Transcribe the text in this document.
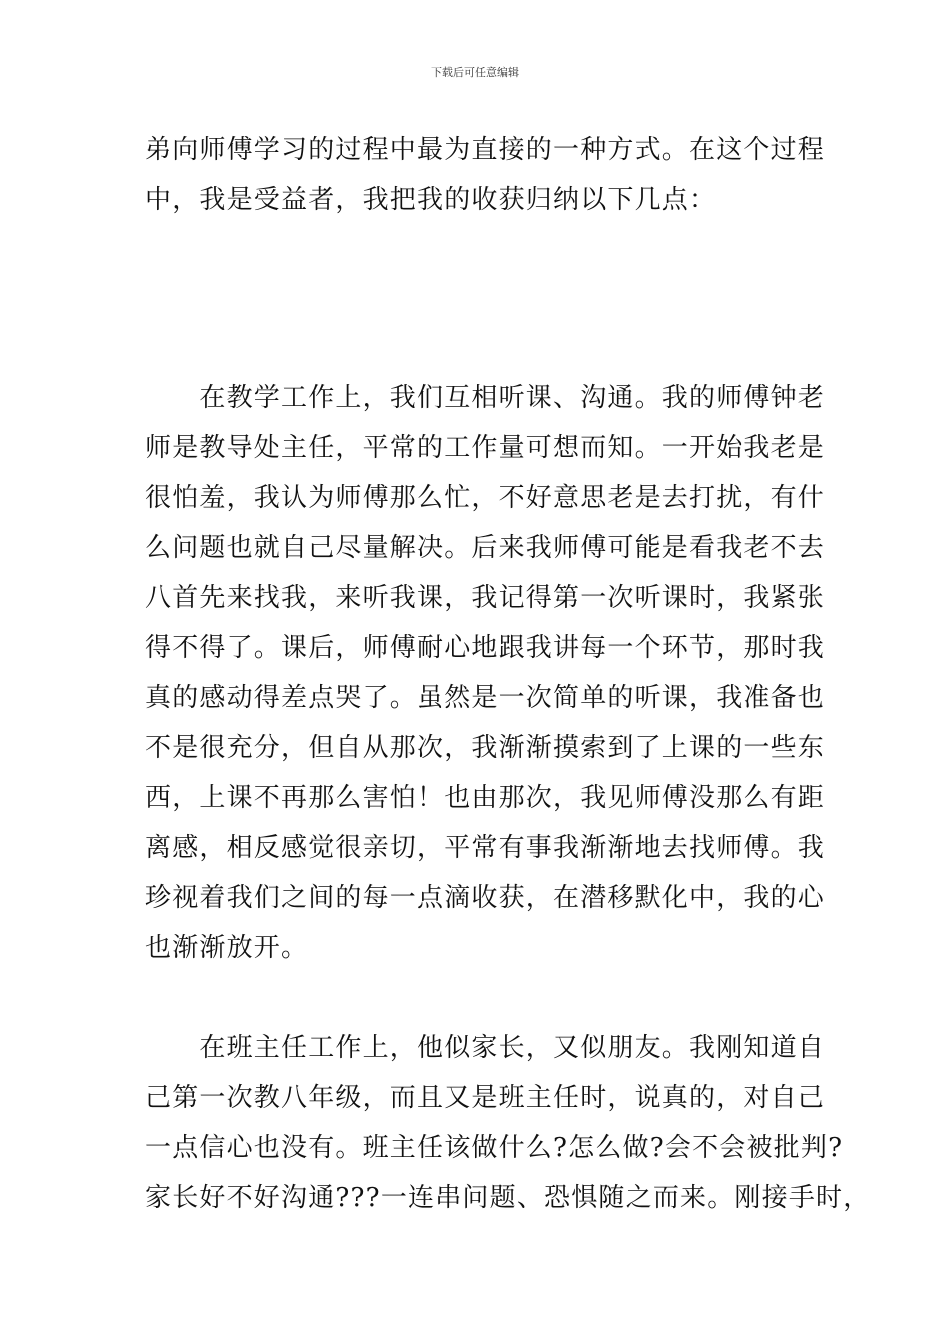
下载后可任意编辑
弟向师傅学习的过程中最为直接的一种方式。在这个过程
中，我是受益者，我把我的收获归纳以下几点：
　　在教学工作上，我们互相听课、沟通。我的师傅钟老
师是教导处主任，平常的工作量可想而知。一开始我老是
很怕羞，我认为师傅那么忙，不好意思老是去打扰，有什
么问题也就自己尽量解决。后来我师傅可能是看我老不去
八首先来找我，来听我课，我记得第一次听课时，我紧张
得不得了。课后，师傅耐心地跟我讲每一个环节，那时我
真的感动得差点哭了。虽然是一次简单的听课，我准备也
不是很充分，但自从那次，我渐渐摸索到了上课的一些东
西，上课不再那么害怕！也由那次，我见师傅没那么有距
离感，相反感觉很亲切，平常有事我渐渐地去找师傅。我
珍视着我们之间的每一点滴收获，在潜移默化中，我的心
也渐渐放开。
　　在班主任工作上，他似家长，又似朋友。我刚知道自
己第一次教八年级，而且又是班主任时，说真的，对自己
一点信心也没有。班主任该做什么?怎么做?会不会被批判?
家长好不好沟通???一连串问题、恐惧随之而来。刚接手时，
